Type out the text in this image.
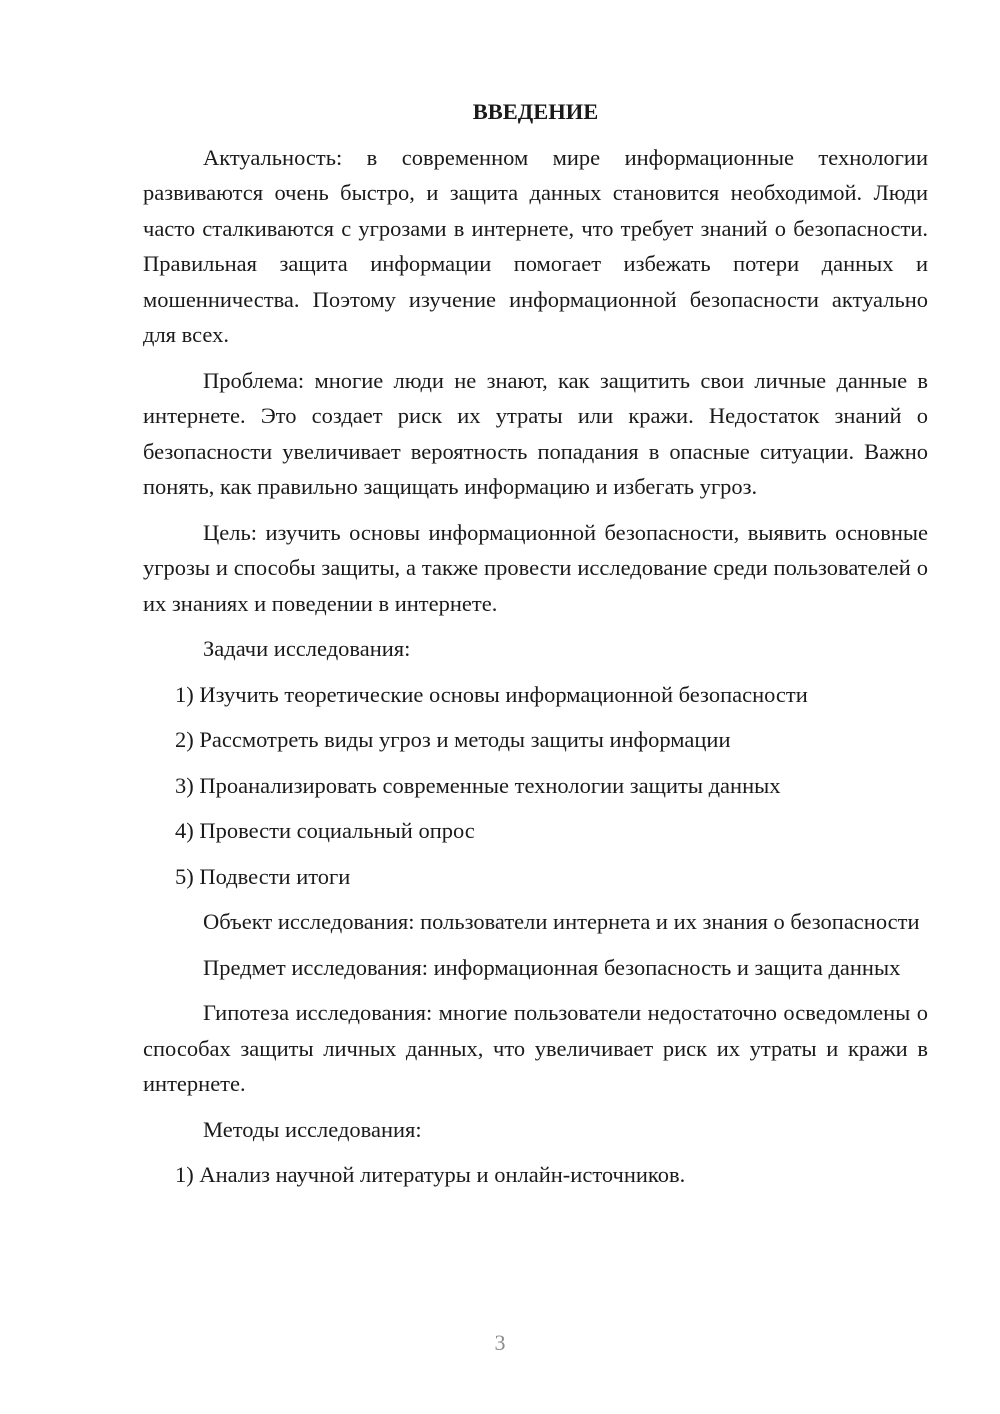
ВВЕДЕНИЕ
Актуальность: в современном мире информационные технологии развиваются очень быстро, и защита данных становится необходимой. Люди часто сталкиваются с угрозами в интернете, что требует знаний о безопасности. Правильная защита информации помогает избежать потери данных и мошенничества. Поэтому изучение информационной безопасности актуально для всех.
Проблема: многие люди не знают, как защитить свои личные данные в интернете. Это создает риск их утраты или кражи. Недостаток знаний о безопасности увеличивает вероятность попадания в опасные ситуации. Важно понять, как правильно защищать информацию и избегать угроз.
Цель: изучить основы информационной безопасности, выявить основные угрозы и способы защиты, а также провести исследование среди пользователей о их знаниях и поведении в интернете.
Задачи исследования:
1) Изучить теоретические основы информационной безопасности
2) Рассмотреть виды угроз и методы защиты информации
3) Проанализировать современные технологии защиты данных
4) Провести социальный опрос
5) Подвести итоги
Объект исследования: пользователи интернета и их знания о безопасности
Предмет исследования: информационная безопасность и защита данных
Гипотеза исследования: многие пользователи недостаточно осведомлены о способах защиты личных данных, что увеличивает риск их утраты и кражи в интернете.
Методы исследования:
1) Анализ научной литературы и онлайн-источников.
3
